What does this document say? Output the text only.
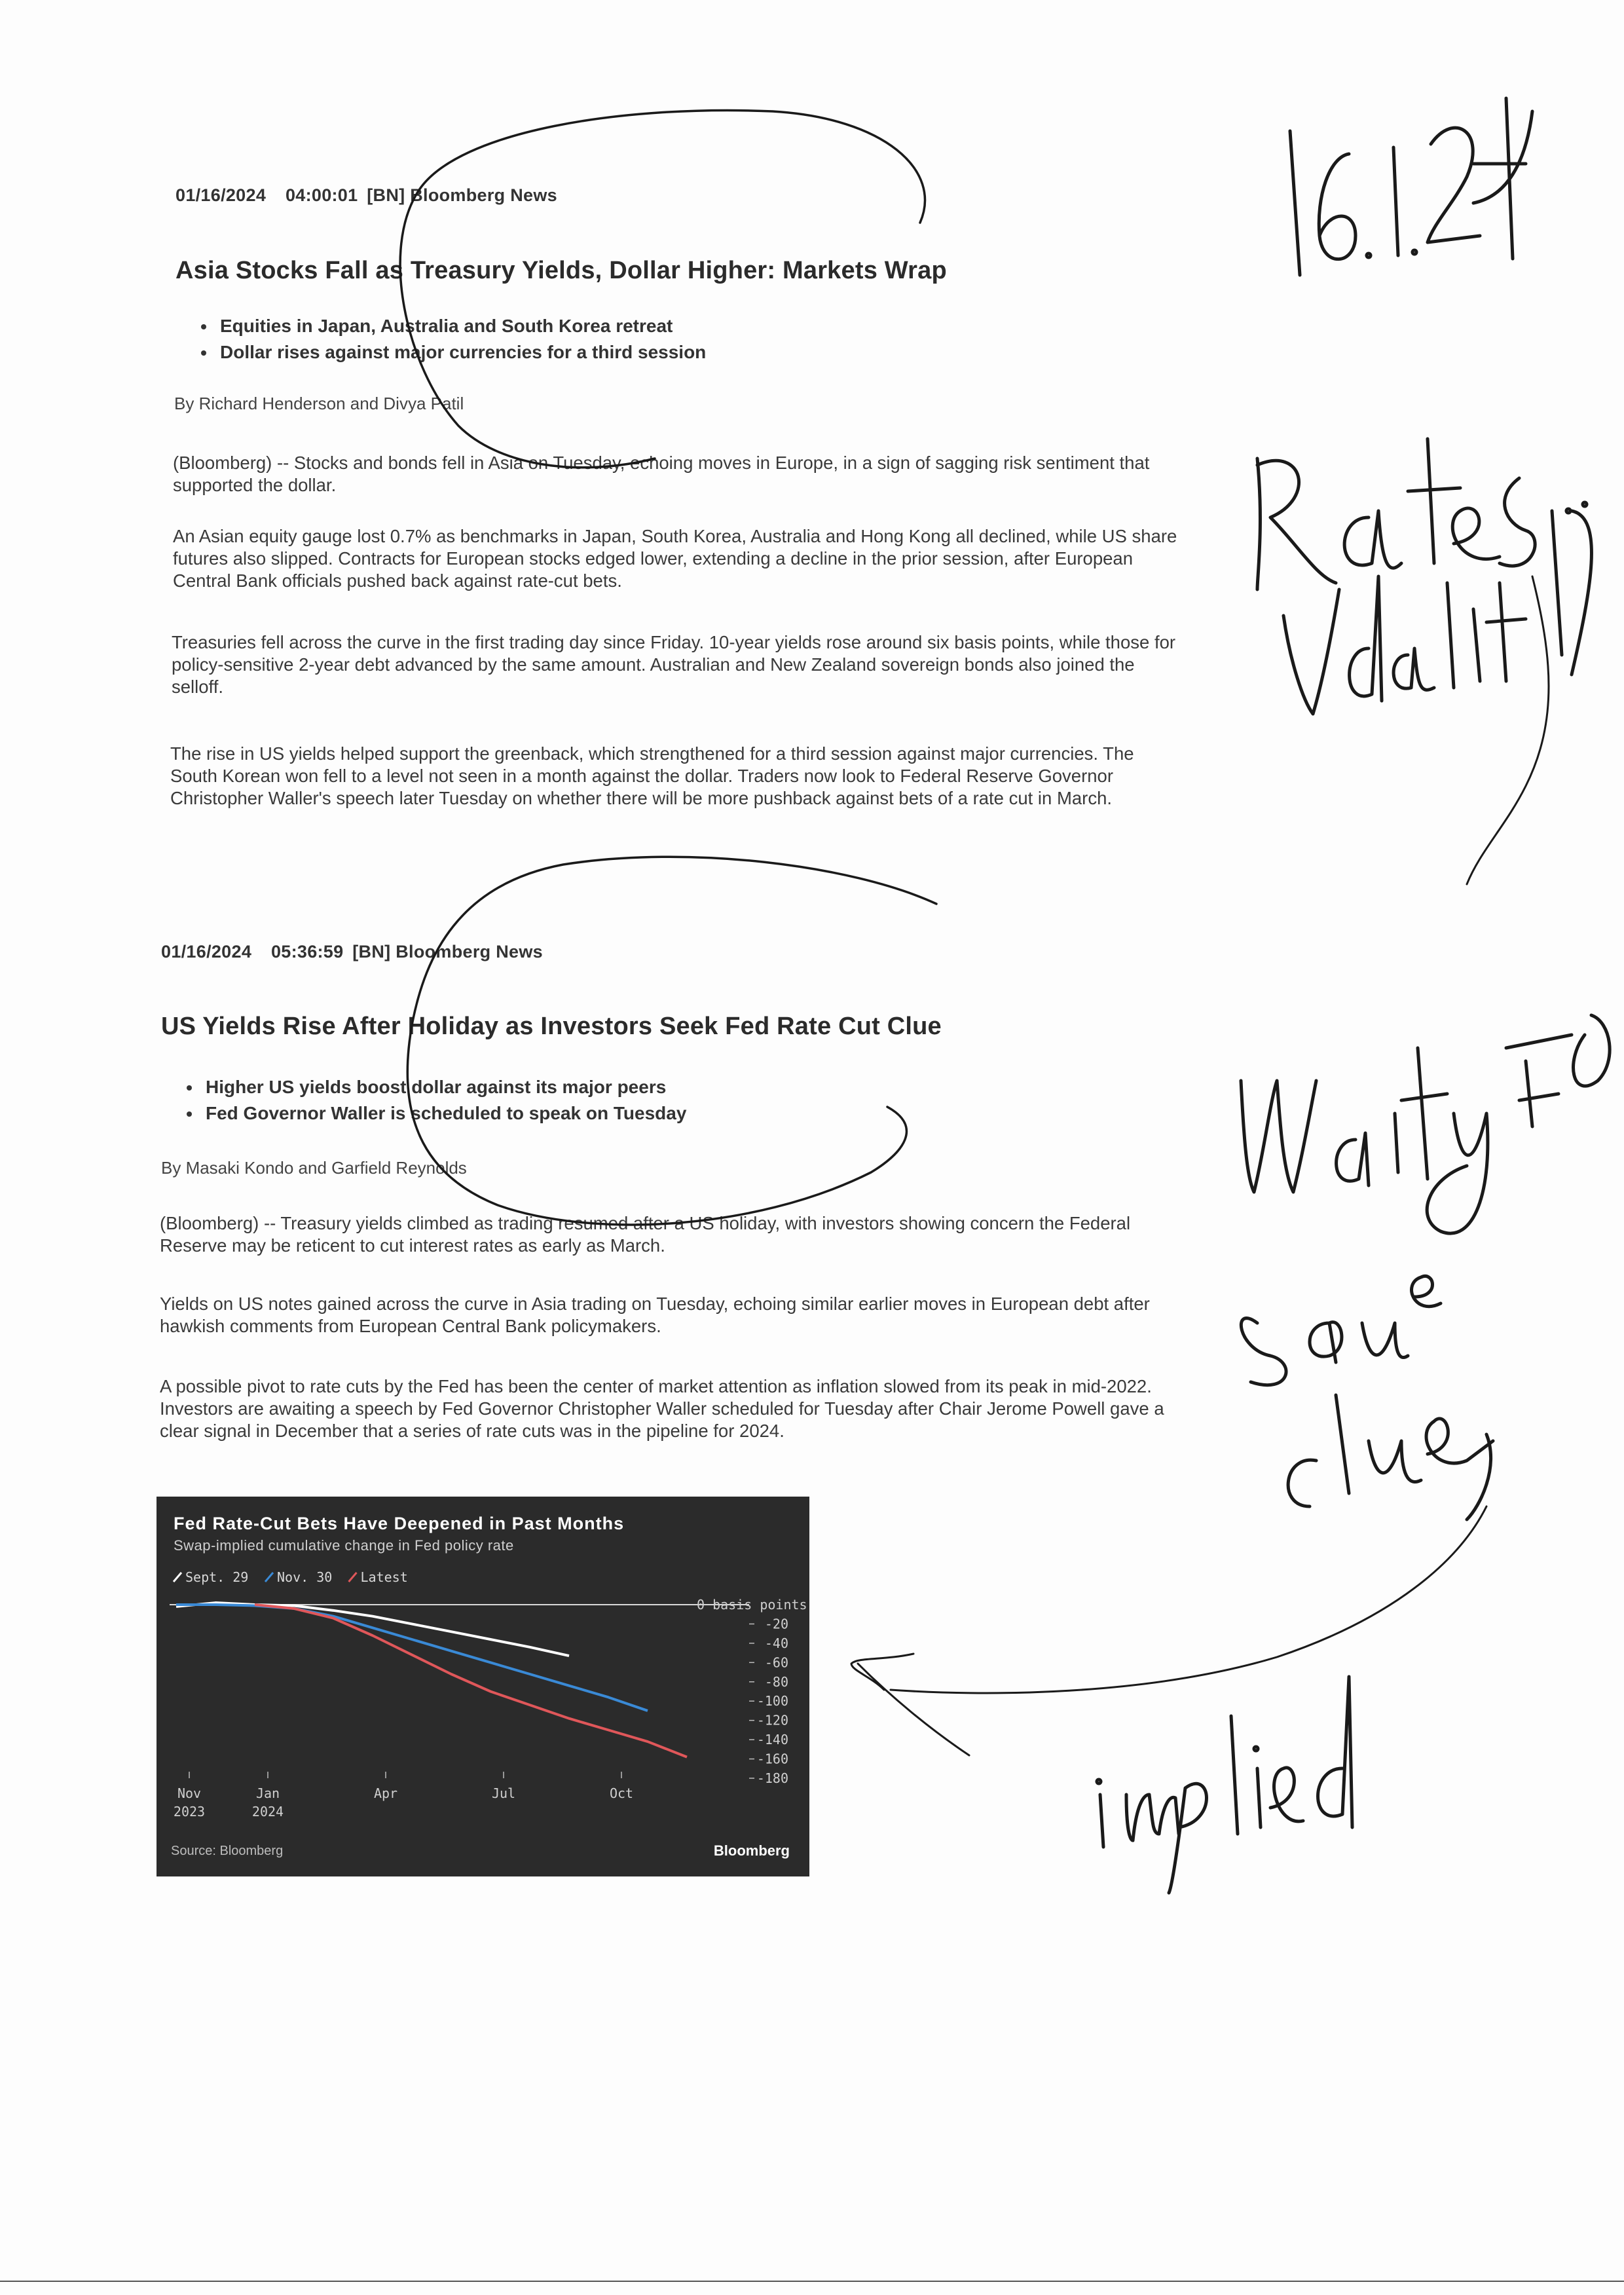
01/16/2024 04:00:01 [BN] Bloomberg News
Asia Stocks Fall as Treasury Yields, Dollar Higher: Markets Wrap
• Equities in Japan, Australia and South Korea retreat
• Dollar rises against major currencies for a third session
By Richard Henderson and Divya Patil
(Bloomberg) -- Stocks and bonds fell in Asia on Tuesday, echoing moves in Europe, in a sign of sagging risk sentiment that supported the dollar.
An Asian equity gauge lost 0.7% as benchmarks in Japan, South Korea, Australia and Hong Kong all declined, while US share futures also slipped. Contracts for European stocks edged lower, extending a decline in the prior session, after European Central Bank officials pushed back against rate-cut bets.
Treasuries fell across the curve in the first trading day since Friday. 10-year yields rose around six basis points, while those for policy-sensitive 2-year debt advanced by the same amount. Australian and New Zealand sovereign bonds also joined the selloff.
The rise in US yields helped support the greenback, which strengthened for a third session against major currencies. The South Korean won fell to a level not seen in a month against the dollar. Traders now look to Federal Reserve Governor Christopher Waller's speech later Tuesday on whether there will be more pushback against bets of a rate cut in March.
01/16/2024 05:36:59 [BN] Bloomberg News
US Yields Rise After Holiday as Investors Seek Fed Rate Cut Clue
• Higher US yields boost dollar against its major peers
• Fed Governor Waller is scheduled to speak on Tuesday
By Masaki Kondo and Garfield Reynolds
(Bloomberg) -- Treasury yields climbed as trading resumed after a US holiday, with investors showing concern the Federal Reserve may be reticent to cut interest rates as early as March.
Yields on US notes gained across the curve in Asia trading on Tuesday, echoing similar earlier moves in European debt after hawkish comments from European Central Bank policymakers.
A possible pivot to rate cuts by the Fed has been the center of market attention as inflation slowed from its peak in mid-2022. Investors are awaiting a speech by Fed Governor Christopher Waller scheduled for Tuesday after Chair Jerome Powell gave a clear signal in December that a series of rate cuts was in the pipeline for 2024.
Fed Rate-Cut Bets Have Deepened in Past Months
Swap-implied cumulative change in Fed policy rate
Sept. 29 Nov. 30 Latest
0 basis points
-20
-40
-60
-80
-100
-120
-140
-160
-180
Nov
2023
Jan
2024
Apr	Jul	Oct
Source: Bloomberg	Bloomberg
